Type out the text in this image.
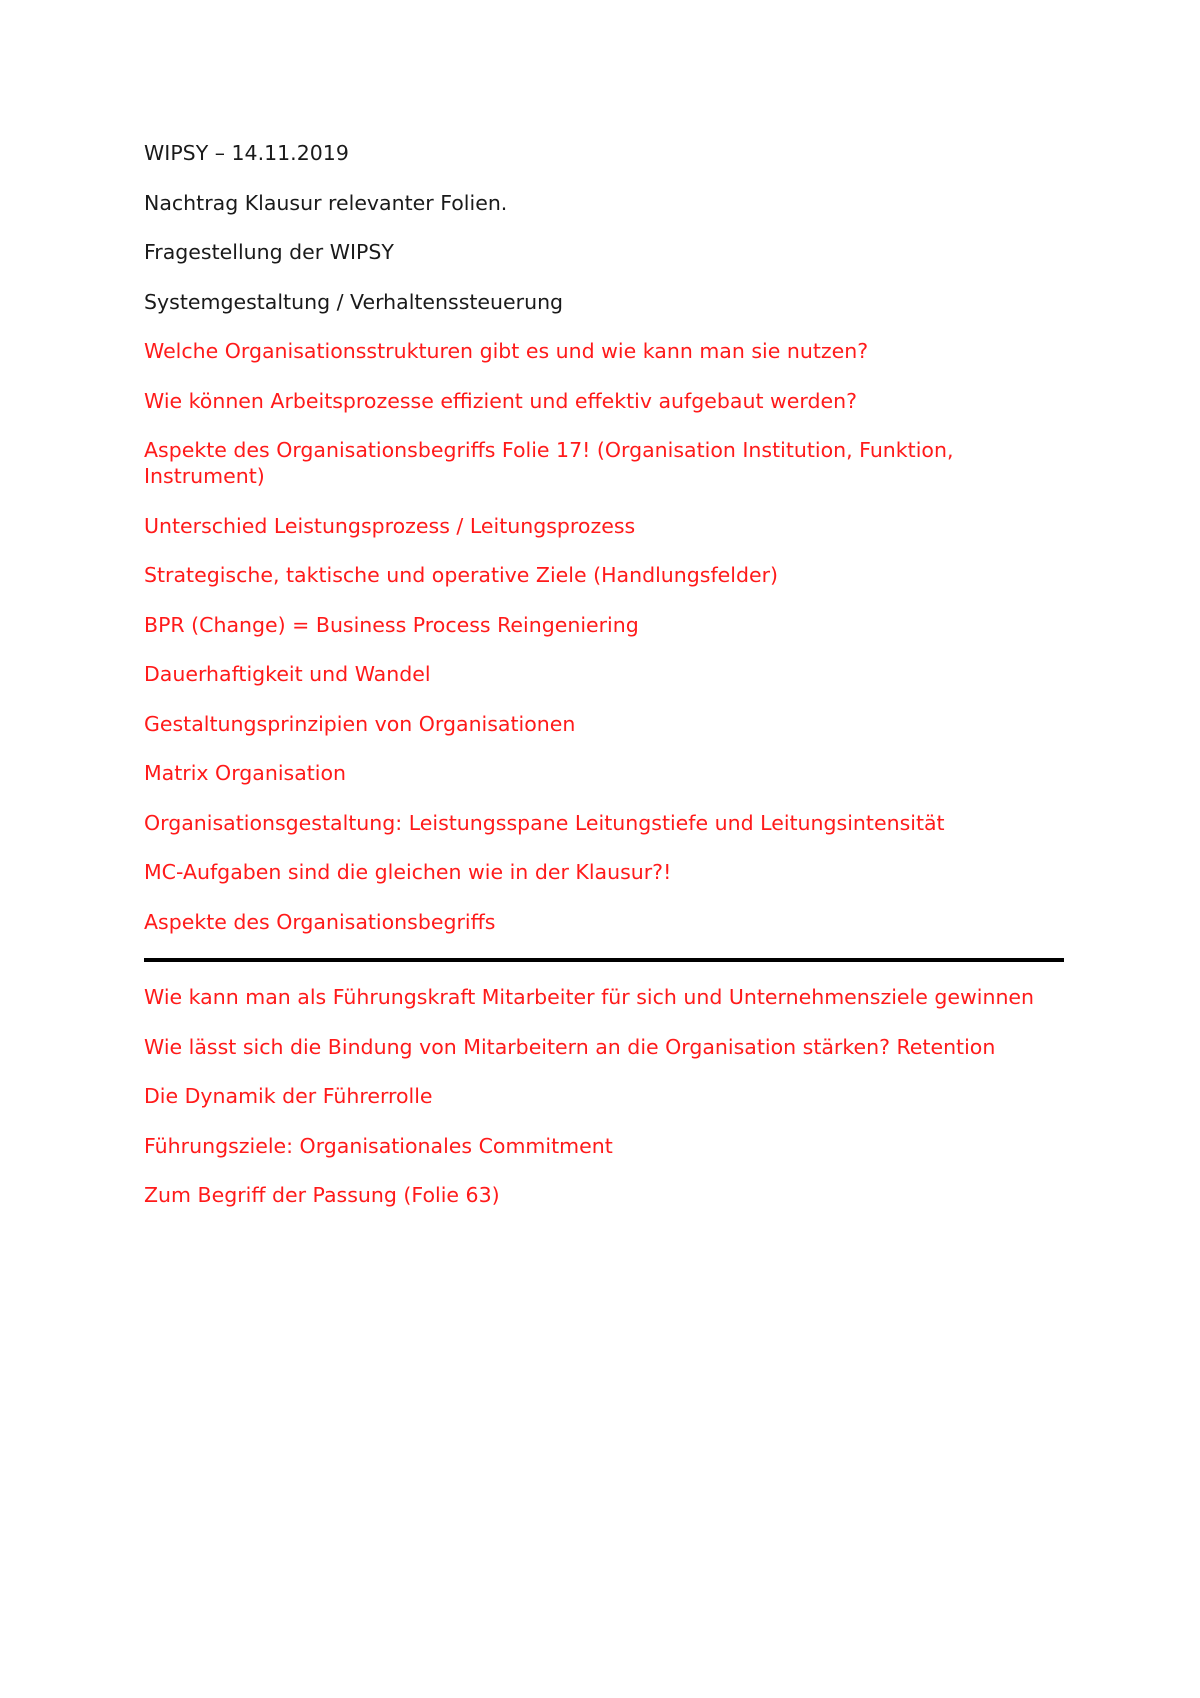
WIPSY – 14.11.2019

Nachtrag Klausur relevanter Folien.

Fragestellung der WIPSY

Systemgestaltung / Verhaltenssteuerung

Welche Organisationsstrukturen gibt es und wie kann man sie nutzen?

Wie können Arbeitsprozesse effizient und effektiv aufgebaut werden?

Aspekte des Organisationsbegriffs Folie 17! (Organisation Institution, Funktion, Instrument)

Unterschied Leistungsprozess / Leitungsprozess

Strategische, taktische und operative Ziele (Handlungsfelder)

BPR (Change) = Business Process Reingeniering

Dauerhaftigkeit und Wandel

Gestaltungsprinzipien von Organisationen

Matrix Organisation

Organisationsgestaltung: Leistungsspane Leitungstiefe und Leitungsintensität

MC-Aufgaben sind die gleichen wie in der Klausur?!

Aspekte des Organisationsbegriffs

Wie kann man als Führungskraft Mitarbeiter für sich und Unternehmensziele gewinnen

Wie lässt sich die Bindung von Mitarbeitern an die Organisation stärken? Retention

Die Dynamik der Führerrolle

Führungsziele: Organisationales Commitment

Zum Begriff der Passung (Folie 63)
